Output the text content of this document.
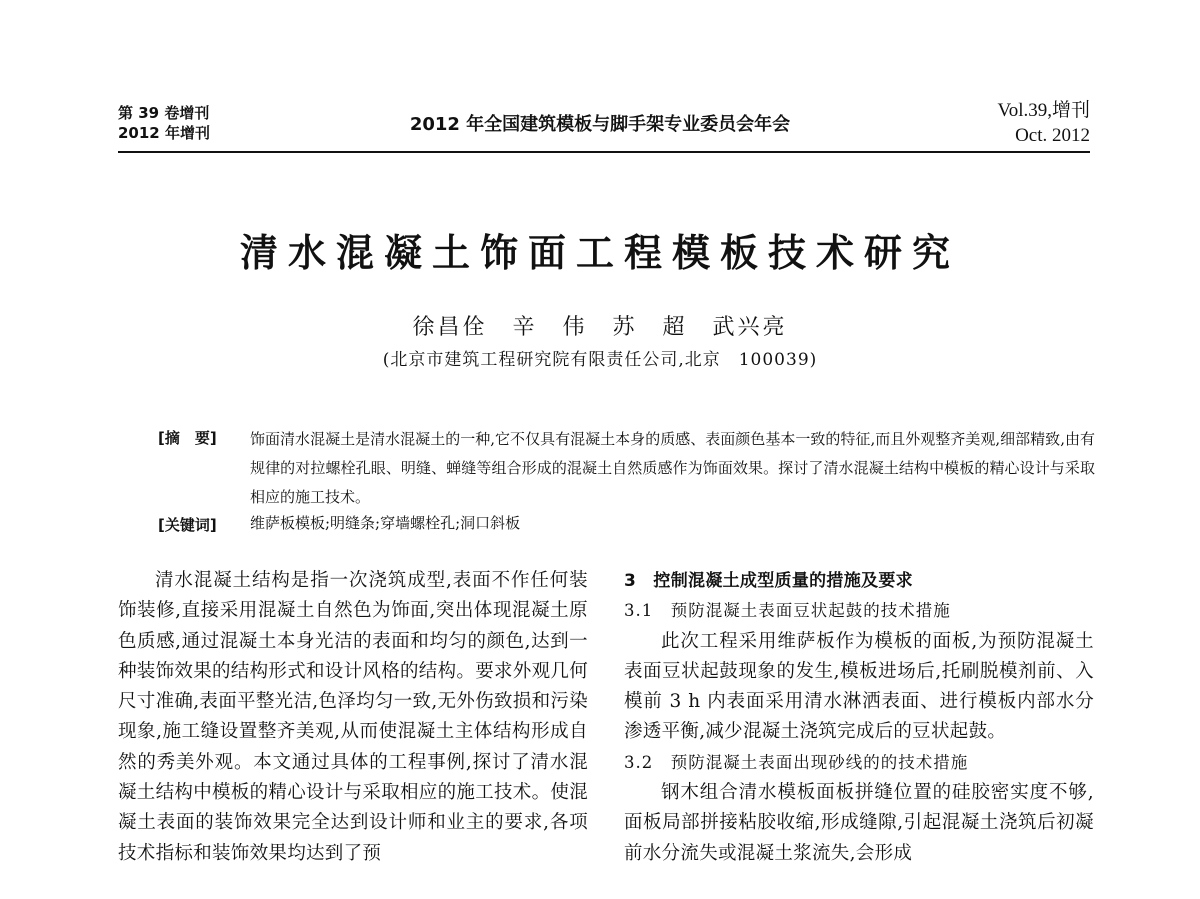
第 39 卷增刊
2012 年增刊	2012 年全国建筑模板与脚手架专业委员会年会
Vol.39,增刊
Oct. 2012
清水混凝土饰面工程模板技术研究
徐昌佺　辛　伟　苏　超　武兴亮
(北京市建筑工程研究院有限责任公司,北京　100039)
[摘　要] 饰面清水混凝土是清水混凝土的一种,它不仅具有混凝土本身的质感、表面颜色基本一致的特征,而且外观整齐美观,细部精致,由有规律的对拉螺栓孔眼、明缝、蝉缝等组合形成的混凝土自然质感作为饰面效果。探讨了清水混凝土结构中模板的精心设计与采取相应的施工技术。
[关键词] 维萨板模板;明缝条;穿墙螺栓孔;洞口斜板

清水混凝土结构是指一次浇筑成型,表面不作任何装饰装修,直接采用混凝土自然色为饰面,突出体现混凝土原色质感,通过混凝土本身光洁的表面和均匀的颜色,达到一种装饰效果的结构形式和设计风格的结构。要求外观几何尺寸准确,表面平整光洁,色泽均匀一致,无外伤致损和污染现象,施工缝设置整齐美观,从而使混凝土主体结构形成自然的秀美外观。本文通过具体的工程事例,探讨了清水混凝土结构中模板的精心设计与采取相应的施工技术。使混凝土表面的装饰效果完全达到设计师和业主的要求,各项技术指标和装饰效果均达到了预

3　控制混凝土成型质量的措施及要求

3.1　预防混凝土表面豆状起鼓的技术措施

此次工程采用维萨板作为模板的面板,为预防混凝土表面豆状起鼓现象的发生,模板进场后,托刷脱模剂前、入模前 3 h 内表面采用清水淋洒表面、进行模板内部水分渗透平衡,减少混凝土浇筑完成后的豆状起鼓。

3.2　预防混凝土表面出现砂线的的技术措施

钢木组合清水模板面板拼缝位置的硅胶密实度不够,面板局部拼接粘胶收缩,形成缝隙,引起混凝土浇筑后初凝前水分流失或混凝土浆流失,会形成
